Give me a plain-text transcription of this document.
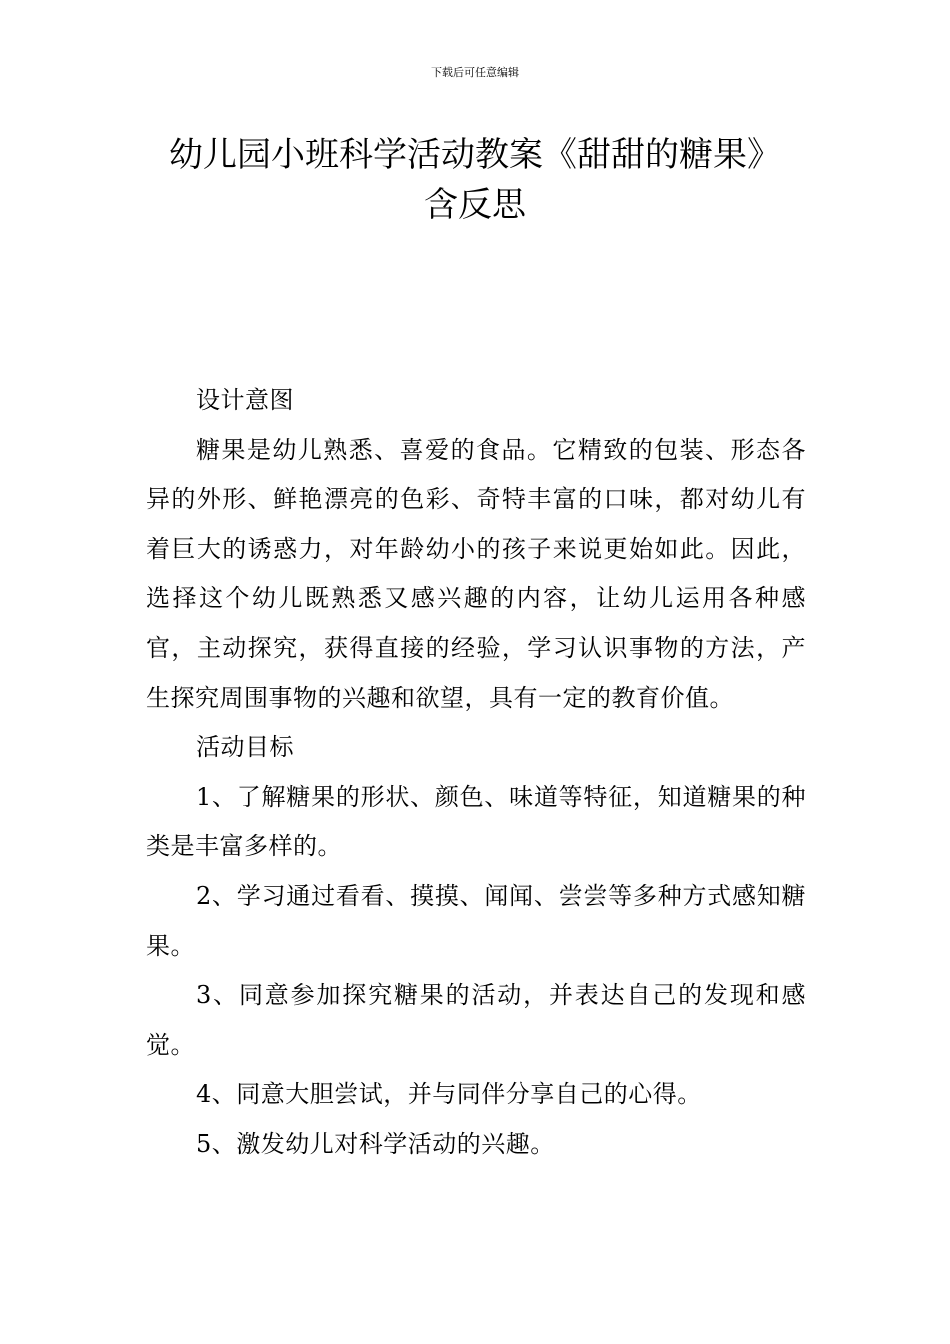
下载后可任意编辑
幼儿园小班科学活动教案《甜甜的糖果》
含反思

设计意图

糖果是幼儿熟悉、喜爱的食品。它精致的包装、形态各异的外形、鲜艳漂亮的色彩、奇特丰富的口味，都对幼儿有着巨大的诱惑力，对年龄幼小的孩子来说更始如此。因此，选择这个幼儿既熟悉又感兴趣的内容，让幼儿运用各种感官，主动探究，获得直接的经验，学习认识事物的方法，产生探究周围事物的兴趣和欲望，具有一定的教育价值。

活动目标

1、了解糖果的形状、颜色、味道等特征，知道糖果的种类是丰富多样的。

2、学习通过看看、摸摸、闻闻、尝尝等多种方式感知糖果。

3、同意参加探究糖果的活动，并表达自己的发现和感觉。

4、同意大胆尝试，并与同伴分享自己的心得。

5、激发幼儿对科学活动的兴趣。
